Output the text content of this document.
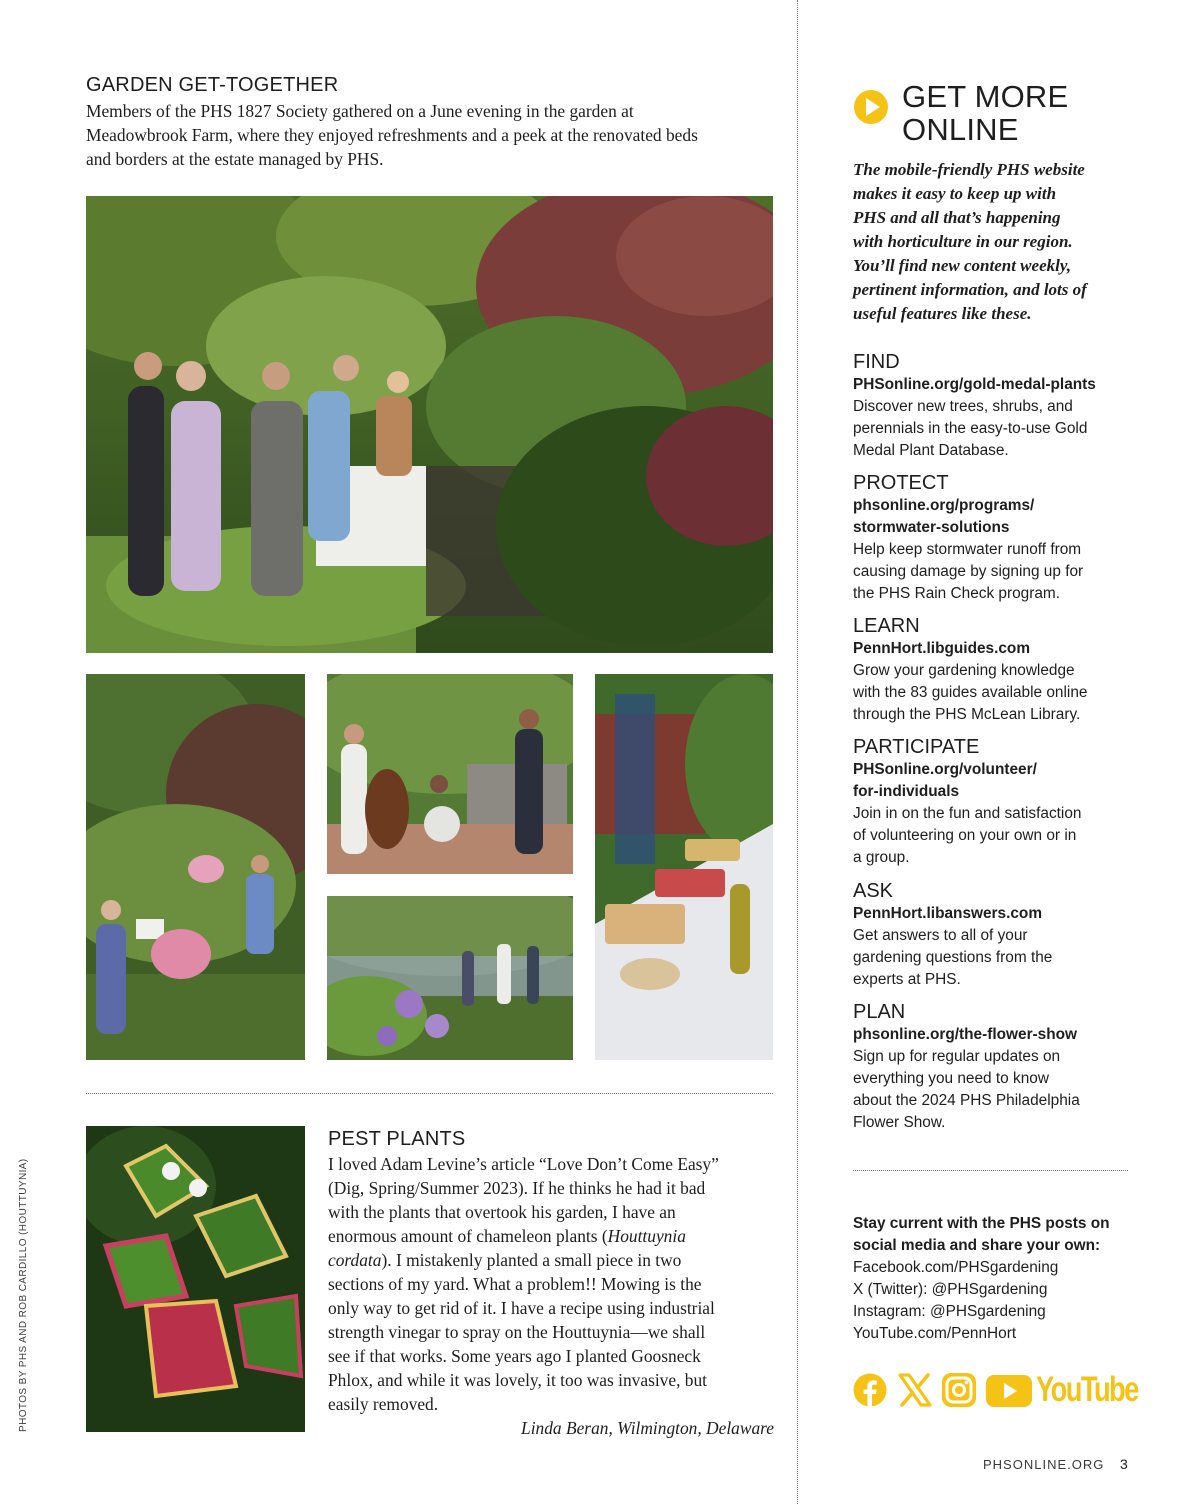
GARDEN GET-TOGETHER
Members of the PHS 1827 Society gathered on a June evening in the garden at
Meadowbrook Farm, where they enjoyed refreshments and a peek at the renovated beds
and borders at the estate managed by PHS.
PEST PLANTS
I loved Adam Levine’s article “Love Don’t Come Easy”
(Dig, Spring/Summer 2023). If he thinks he had it bad
with the plants that overtook his garden, I have an
enormous amount of chameleon plants (Houttuynia
cordata). I mistakenly planted a small piece in two
sections of my yard. What a problem!! Mowing is the
only way to get rid of it. I have a recipe using industrial
strength vinegar to spray on the Houttuynia—we shall
see if that works. Some years ago I planted Goosneck
Phlox, and while it was lovely, it too was invasive, but
easily removed.
Linda Beran, Wilmington, Delaware
PHOTOS BY PHS AND ROB CARDILLO (HOUTTUYNIA)
GET MORE
ONLINE
The mobile-friendly PHS website
makes it easy to keep up with
PHS and all that’s happening
with horticulture in our region.
You’ll find new content weekly,
pertinent information, and lots of
useful features like these.
FIND
PHSonline.org/gold-medal-plants
Discover new trees, shrubs, and
perennials in the easy-to-use Gold
Medal Plant Database.
PROTECT
phsonline.org/programs/
stormwater-solutions
Help keep stormwater runoff from
causing damage by signing up for
the PHS Rain Check program.
LEARN
PennHort.libguides.com
Grow your gardening knowledge
with the 83 guides available online
through the PHS McLean Library.
PARTICIPATE
PHSonline.org/volunteer/
for-individuals
Join in on the fun and satisfaction
of volunteering on your own or in
a group.
ASK
PennHort.libanswers.com
Get answers to all of your
gardening questions from the
experts at PHS.
PLAN
phsonline.org/the-flower-show
Sign up for regular updates on
everything you need to know
about the 2024 PHS Philadelphia
Flower Show.
Stay current with the PHS posts on
social media and share your own:
Facebook.com/PHSgardening
X (Twitter): @PHSgardening
Instagram: @PHSgardening
YouTube.com/PennHort
YouTube
PHSONLINE.ORG 3
